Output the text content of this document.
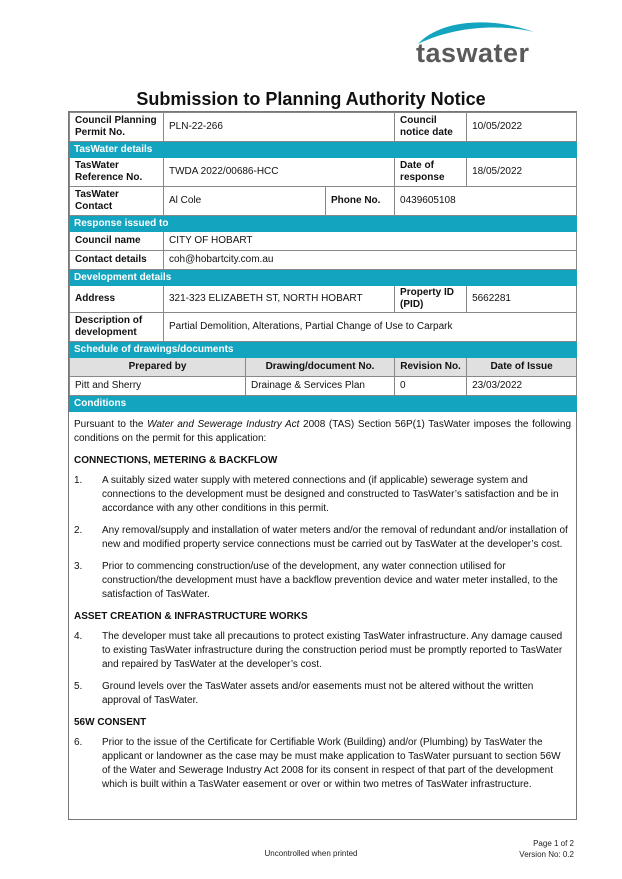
taswater
Submission to Planning Authority Notice
Council Planning Permit No.	PLN-22-266			Council notice date	10/05/2022
TasWater details					
TasWater Reference No.	TWDA 2022/00686-HCC			Date of response	18/05/2022
TasWater Contact	Al Cole		Phone No.	0439605108	
Response issued to					
Council name	CITY OF HOBART				
Contact details	coh@hobartcity.com.au				
Development details					
Address	321-323 ELIZABETH ST, NORTH HOBART			Property ID (PID)	5662281
Description of development	Partial Demolition, Alterations, Partial Change of Use to Carpark				
Schedule of drawings/documents					
Prepared by		Drawing/document No.		Revision No.	Date of Issue
Pitt and Sherry		Drainage & Services Plan		0	23/03/2022
Conditions					

Pursuant to the Water and Sewerage Industry Act 2008 (TAS) Section 56P(1) TasWater imposes the following conditions on the permit for this application:

CONNECTIONS, METERING & BACKFLOW
1.	A suitably sized water supply with metered connections and (if applicable) sewerage system and connections to the development must be designed and constructed to TasWater’s satisfaction and be in accordance with any other conditions in this permit.
2.	Any removal/supply and installation of water meters and/or the removal of redundant and/or installation of new and modified property service connections must be carried out by TasWater at the developer’s cost.
3.	Prior to commencing construction/use of the development, any water connection utilised for construction/the development must have a backflow prevention device and water meter installed, to the satisfaction of TasWater.
ASSET CREATION & INFRASTRUCTURE WORKS
4.	The developer must take all precautions to protect existing TasWater infrastructure. Any damage caused to existing TasWater infrastructure during the construction period must be promptly reported to TasWater and repaired by TasWater at the developer’s cost.
5.	Ground levels over the TasWater assets and/or easements must not be altered without the written approval of TasWater.
56W CONSENT
6.	Prior to the issue of the Certificate for Certifiable Work (Building) and/or (Plumbing) by TasWater the applicant or landowner as the case may be must make application to TasWater pursuant to section 56W of the Water and Sewerage Industry Act 2008 for its consent in respect of that part of the development which is built within a TasWater easement or over or within two metres of TasWater infrastructure.
Uncontrolled when printed
Page 1 of 2
Version No: 0.2
